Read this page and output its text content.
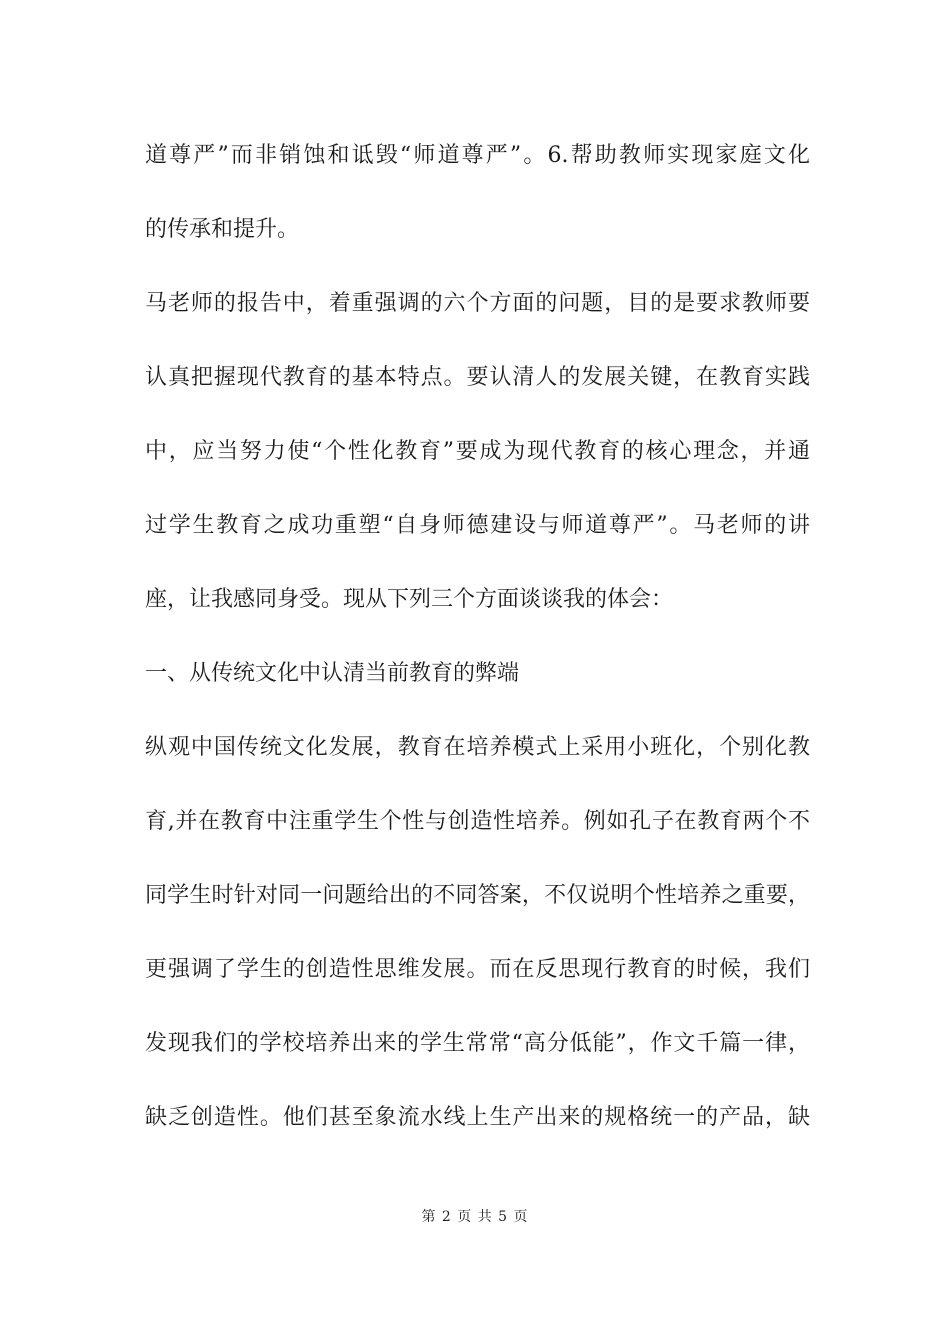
道尊严”而非销蚀和诋毁“师道尊严”。6.帮助教师实现家庭文化
的传承和提升。
马老师的报告中，着重强调的六个方面的问题，目的是要求教师要
认真把握现代教育的基本特点。要认清人的发展关键，在教育实践
中，应当努力使“个性化教育”要成为现代教育的核心理念，并通
过学生教育之成功重塑“自身师德建设与师道尊严”。马老师的讲
座，让我感同身受。现从下列三个方面谈谈我的体会：
一、从传统文化中认清当前教育的弊端
纵观中国传统文化发展，教育在培养模式上采用小班化，个别化教
育,并在教育中注重学生个性与创造性培养。例如孔子在教育两个不
同学生时针对同一问题给出的不同答案，不仅说明个性培养之重要，
更强调了学生的创造性思维发展。而在反思现行教育的时候，我们
发现我们的学校培养出来的学生常常“高分低能”，作文千篇一律，
缺乏创造性。他们甚至象流水线上生产出来的规格统一的产品，缺
第 2 页 共 5 页
